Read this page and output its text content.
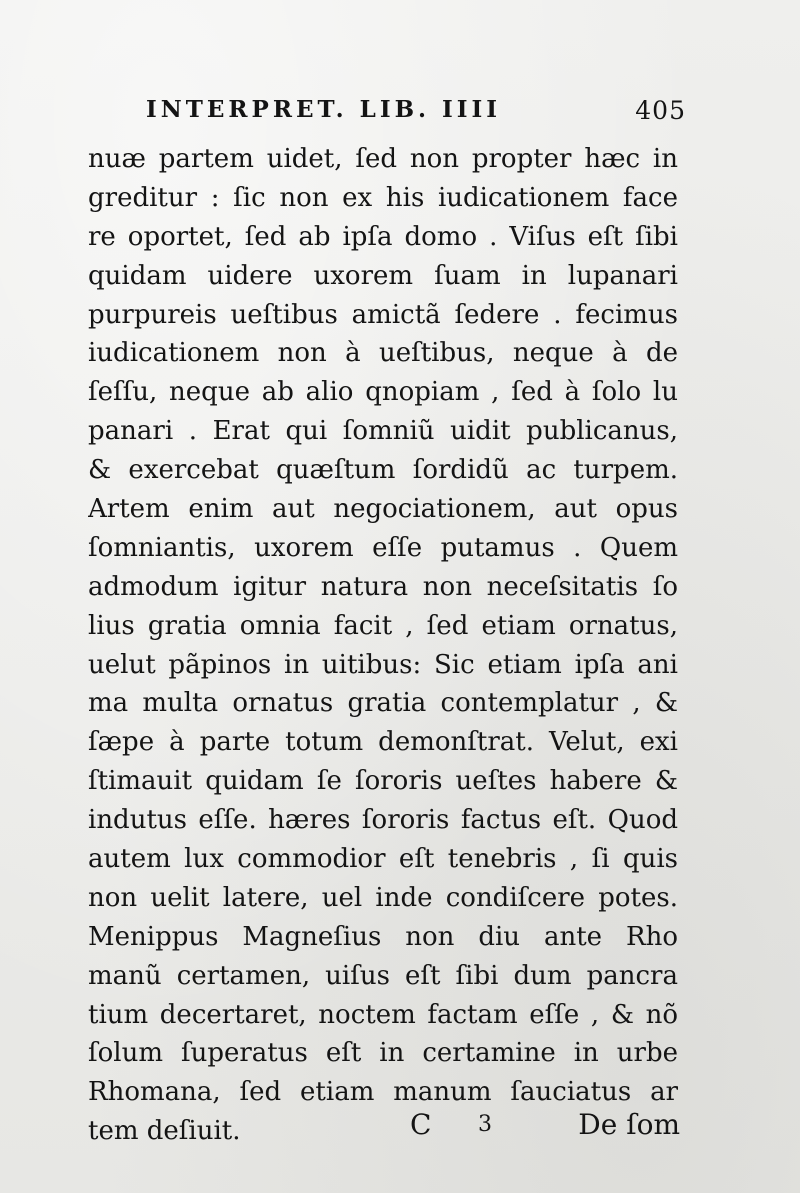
INTERPRET. LIB. IIII	405
nuæ partem uidet, ſed non propter hæc in
greditur : ſic non ex his iudicationem face
re oportet, ſed ab ipſa domo . Viſus eſt ſibi
quidam uidere uxorem ſuam in lupanari
purpureis ueſtibus amictã ſedere . fecimus
iudicationem non à ueſtibus, neque à de
ſeſſu, neque ab alio qnopiam , ſed à ſolo lu
panari . Erat qui ſomniũ uidit publicanus,
& exercebat quæſtum ſordidũ ac turpem.
Artem enim aut negociationem, aut opus
ſomniantis, uxorem eſſe putamus . Quem
admodum igitur natura non neceſsitatis ſo
lius gratia omnia facit , ſed etiam ornatus,
uelut pãpinos in uitibus: Sic etiam ipſa ani
ma multa ornatus gratia contemplatur , &
ſæpe à parte totum demonſtrat. Velut, exi
ſtimauit quidam ſe ſororis ueſtes habere &
indutus eſſe. hæres ſororis factus eſt. Quod
autem lux commodior eſt tenebris , ſi quis
non uelit latere, uel inde condiſcere potes.
Menippus Magneſius non diu ante Rho
manũ certamen, uiſus eſt ſibi dum pancra
tium decertaret, noctem factam eſſe , & nõ
ſolum ſuperatus eſt in certamine in urbe
Rhomana, ſed etiam manum ſauciatus ar
tem deſiuit.	C 3	De ſom
